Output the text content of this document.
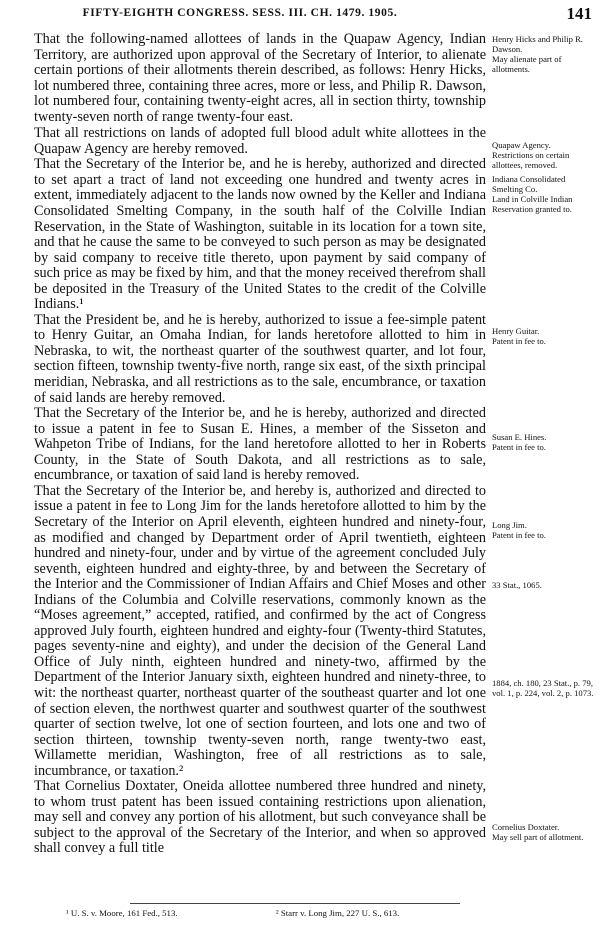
FIFTY-EIGHTH CONGRESS. SESS. III. CH. 1479. 1905.	141

That the following-named allottees of lands in the Quapaw Agency, Indian Territory, are authorized upon approval of the Secretary of Interior, to alienate certain portions of their allotments therein described, as follows: Henry Hicks, lot numbered three, containing three acres, more or less, and Philip R. Dawson, lot numbered four, containing twenty-eight acres, all in section thirty, township twenty-seven north of range twenty-four east.

That all restrictions on lands of adopted full blood adult white allottees in the Quapaw Agency are hereby removed.

That the Secretary of the Interior be, and he is hereby, authorized and directed to set apart a tract of land not exceeding one hundred and twenty acres in extent, immediately adjacent to the lands now owned by the Keller and Indiana Consolidated Smelting Company, in the south half of the Colville Indian Reservation, in the State of Washington, suitable in its location for a town site, and that he cause the same to be conveyed to such person as may be designated by said company to receive title thereto, upon payment by said company of such price as may be fixed by him, and that the money received therefrom shall be deposited in the Treasury of the United States to the credit of the Colville Indians.¹

That the President be, and he is hereby, authorized to issue a fee-simple patent to Henry Guitar, an Omaha Indian, for lands heretofore allotted to him in Nebraska, to wit, the northeast quarter of the southwest quarter, and lot four, section fifteen, township twenty-five north, range six east, of the sixth principal meridian, Nebraska, and all restrictions as to the sale, encumbrance, or taxation of said lands are hereby removed.

That the Secretary of the Interior be, and he is hereby, authorized and directed to issue a patent in fee to Susan E. Hines, a member of the Sisseton and Wahpeton Tribe of Indians, for the land heretofore allotted to her in Roberts County, in the State of South Dakota, and all restrictions as to sale, encumbrance, or taxation of said land is hereby removed.

That the Secretary of the Interior be, and hereby is, authorized and directed to issue a patent in fee to Long Jim for the lands heretofore allotted to him by the Secretary of the Interior on April eleventh, eighteen hundred and ninety-four, as modified and changed by Department order of April twentieth, eighteen hundred and ninety-four, under and by virtue of the agreement concluded July seventh, eighteen hundred and eighty-three, by and between the Secretary of the Interior and the Commissioner of Indian Affairs and Chief Moses and other Indians of the Columbia and Colville reservations, commonly known as the “Moses agreement,” accepted, ratified, and confirmed by the act of Congress approved July fourth, eighteen hundred and eighty-four (Twenty-third Statutes, pages seventy-nine and eighty), and under the decision of the General Land Office of July ninth, eighteen hundred and ninety-two, affirmed by the Department of the Interior January sixth, eighteen hundred and ninety-three, to wit: the northeast quarter, northeast quarter of the southeast quarter and lot one of section eleven, the northwest quarter and southwest quarter of the southwest quarter of section twelve, lot one of section fourteen, and lots one and two of section thirteen, township twenty-seven north, range twenty-two east, Willamette meridian, Washington, free of all restrictions as to sale, incumbrance, or taxation.²

That Cornelius Doxtater, Oneida allottee numbered three hundred and ninety, to whom trust patent has been issued containing restrictions upon alienation, may sell and convey any portion of his allotment, but such conveyance shall be subject to the approval of the Secretary of the Interior, and when so approved shall convey a full title

Henry Hicks and Philip R. Dawson.
May alienate part of allotments.
Quapaw Agency.
Restrictions on certain allottees, removed.
Indiana Consolidated Smelting Co.
Land in Colville Indian Reservation granted to.
Henry Guitar.
Patent in fee to.
Susan E. Hines.
Patent in fee to.
Long Jim.
Patent in fee to.
33 Stat., 1065.
1884, ch. 180, 23 Stat., p. 79, vol. 1, p. 224, vol. 2, p. 1073.
Cornelius Doxtater.
May sell part of allotment.
¹ U. S. v. Moore, 161 Fed., 513.	² Starr v. Long Jim, 227 U. S., 613.
